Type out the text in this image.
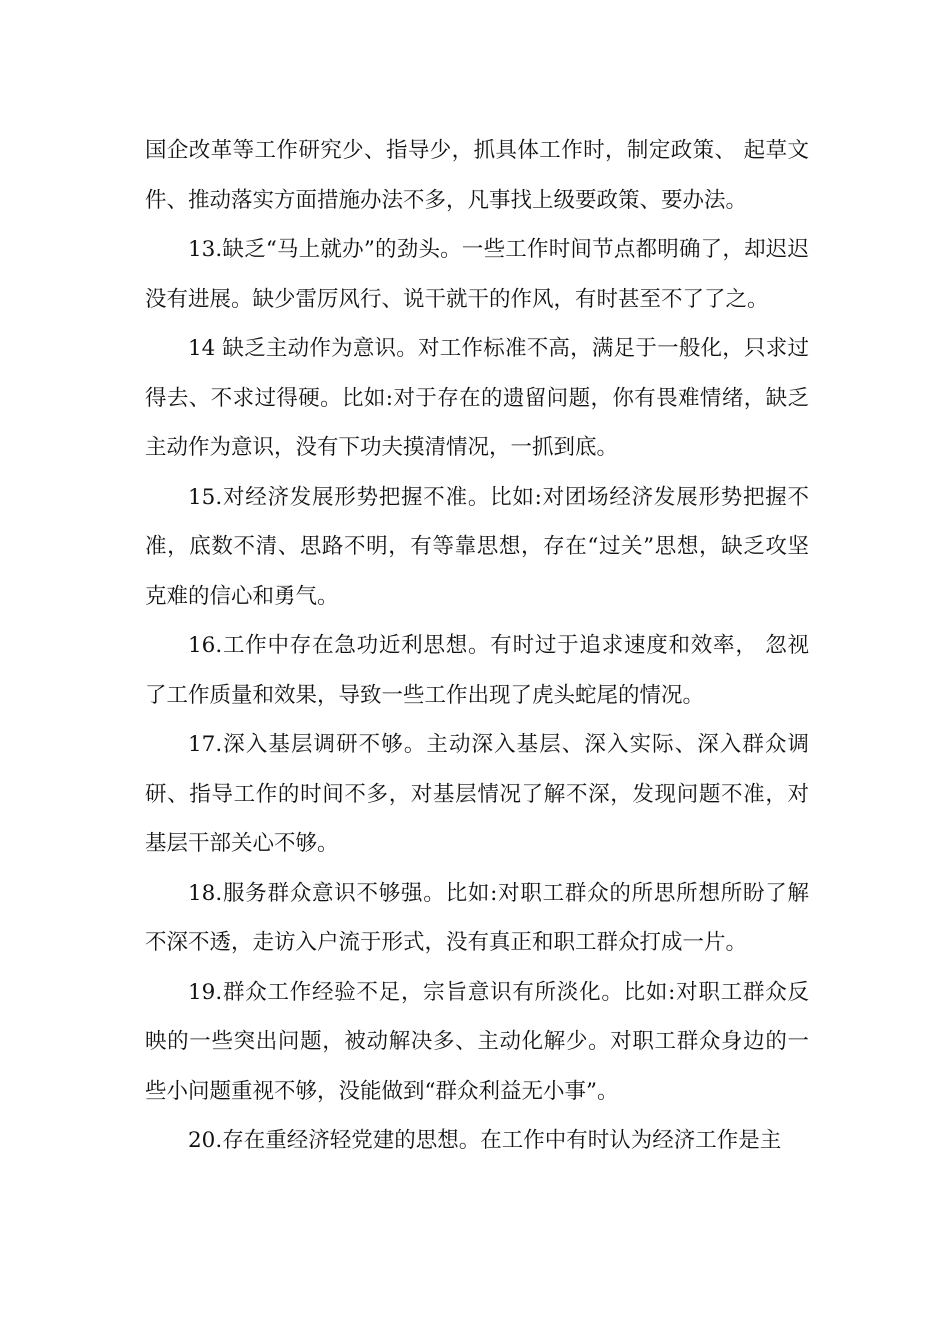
国企改革等工作研究少、指导少，抓具体工作时，制定政策、 起草文件、推动落实方面措施办法不多，凡事找上级要政策、要办法。

13.缺乏“马上就办”的劲头。一些工作时间节点都明确了，却迟迟没有进展。缺少雷厉风行、说干就干的作风，有时甚至不了了之。

14 缺乏主动作为意识。对工作标准不高，满足于一般化，只求过得去、不求过得硬。比如:对于存在的遗留问题，你有畏难情绪，缺乏主动作为意识，没有下功夫摸清情况，一抓到底。

15.对经济发展形势把握不准。比如:对团场经济发展形势把握不准，底数不清、思路不明，有等靠思想，存在“过关”思想，缺乏攻坚克难的信心和勇气。

16.工作中存在急功近利思想。有时过于追求速度和效率， 忽视了工作质量和效果，导致一些工作出现了虎头蛇尾的情况。

17.深入基层调研不够。主动深入基层、深入实际、深入群众调研、指导工作的时间不多，对基层情况了解不深，发现问题不准，对基层干部关心不够。

18.服务群众意识不够强。比如:对职工群众的所思所想所盼了解不深不透，走访入户流于形式，没有真正和职工群众打成一片。

19.群众工作经验不足，宗旨意识有所淡化。比如:对职工群众反映的一些突出问题，被动解决多、主动化解少。对职工群众身边的一些小问题重视不够，没能做到“群众利益无小事”。

20.存在重经济轻党建的思想。在工作中有时认为经济工作是主
